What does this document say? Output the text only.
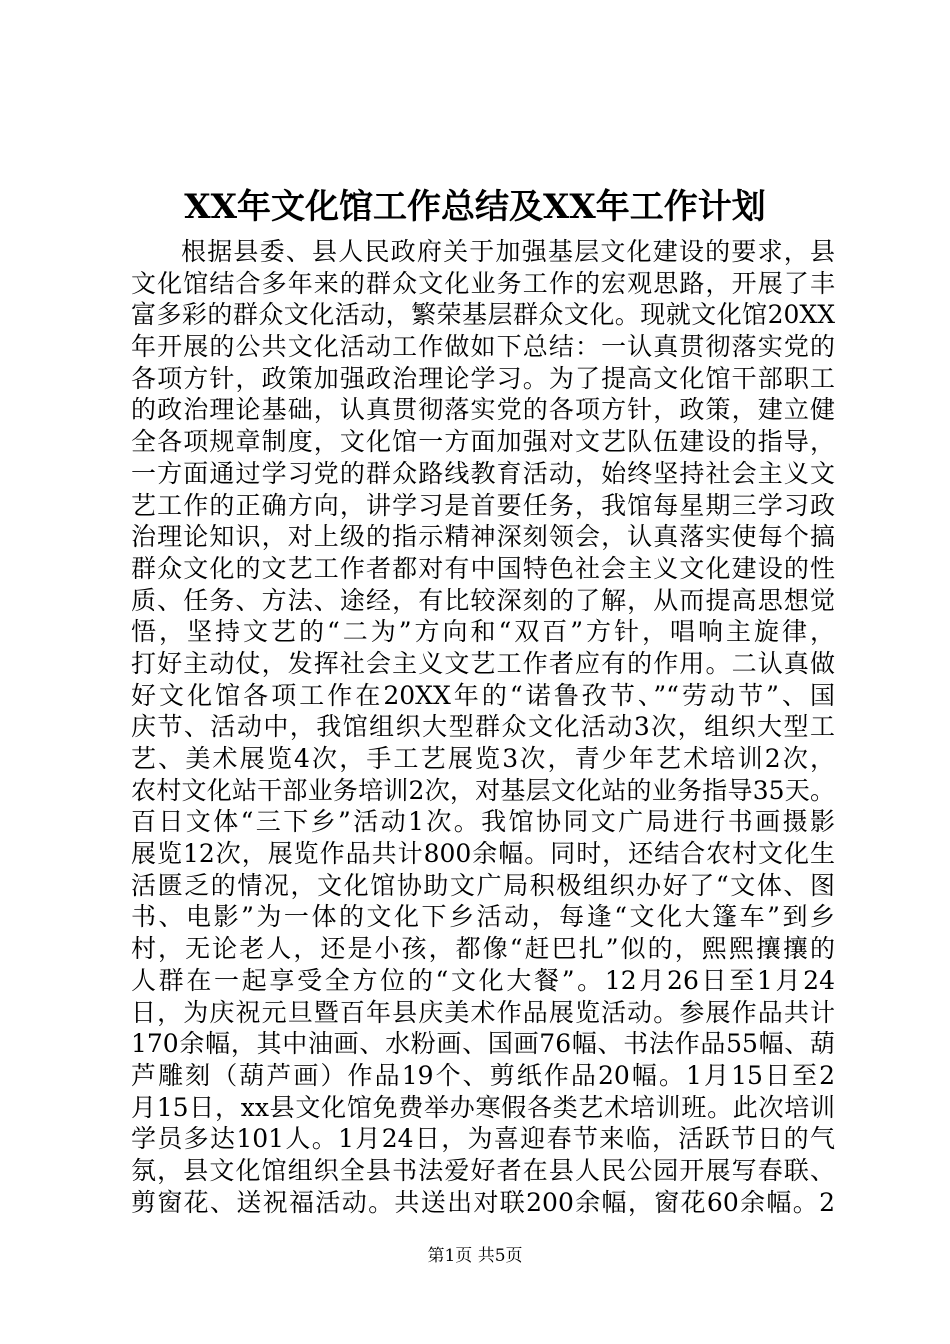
XX年文化馆工作总结及XX年工作计划
根据县委、县人民政府关于加强基层文化建设的要求，县
文化馆结合多年来的群众文化业务工作的宏观思路，开展了丰
富多彩的群众文化活动，繁荣基层群众文化。现就文化馆20XX
年开展的公共文化活动工作做如下总结：一认真贯彻落实党的
各项方针，政策加强政治理论学习。为了提高文化馆干部职工
的政治理论基础，认真贯彻落实党的各项方针，政策，建立健
全各项规章制度，文化馆一方面加强对文艺队伍建设的指导，
一方面通过学习党的群众路线教育活动，始终坚持社会主义文
艺工作的正确方向，讲学习是首要任务，我馆每星期三学习政
治理论知识，对上级的指示精神深刻领会，认真落实使每个搞
群众文化的文艺工作者都对有中国特色社会主义文化建设的性
质、任务、方法、途经，有比较深刻的了解，从而提高思想觉
悟，坚持文艺的“二为”方向和“双百”方针，唱响主旋律，
打好主动仗，发挥社会主义文艺工作者应有的作用。二认真做
好文化馆各项工作在20XX年的“诺鲁孜节、”“劳动节”、国
庆节、活动中，我馆组织大型群众文化活动3次，组织大型工
艺、美术展览4次，手工艺展览3次，青少年艺术培训2次，
农村文化站干部业务培训2次，对基层文化站的业务指导35天。
百日文体“三下乡”活动1次。我馆协同文广局进行书画摄影
展览12次，展览作品共计800余幅。同时，还结合农村文化生
活匮乏的情况，文化馆协助文广局积极组织办好了“文体、图
书、电影”为一体的文化下乡活动，每逢“文化大篷车”到乡
村，无论老人，还是小孩，都像“赶巴扎”似的，熙熙攘攘的
人群在一起享受全方位的“文化大餐”。12月26日至1月24
日，为庆祝元旦暨百年县庆美术作品展览活动。参展作品共计
170余幅，其中油画、水粉画、国画76幅、书法作品55幅、葫
芦雕刻（葫芦画）作品19个、剪纸作品20幅。1月15日至2
月15日，xx县文化馆免费举办寒假各类艺术培训班。此次培训
学员多达101人。1月24日，为喜迎春节来临，活跃节日的气
氛，县文化馆组织全县书法爱好者在县人民公园开展写春联、
剪窗花、送祝福活动。共送出对联200余幅，窗花60余幅。2
第1页 共5页
